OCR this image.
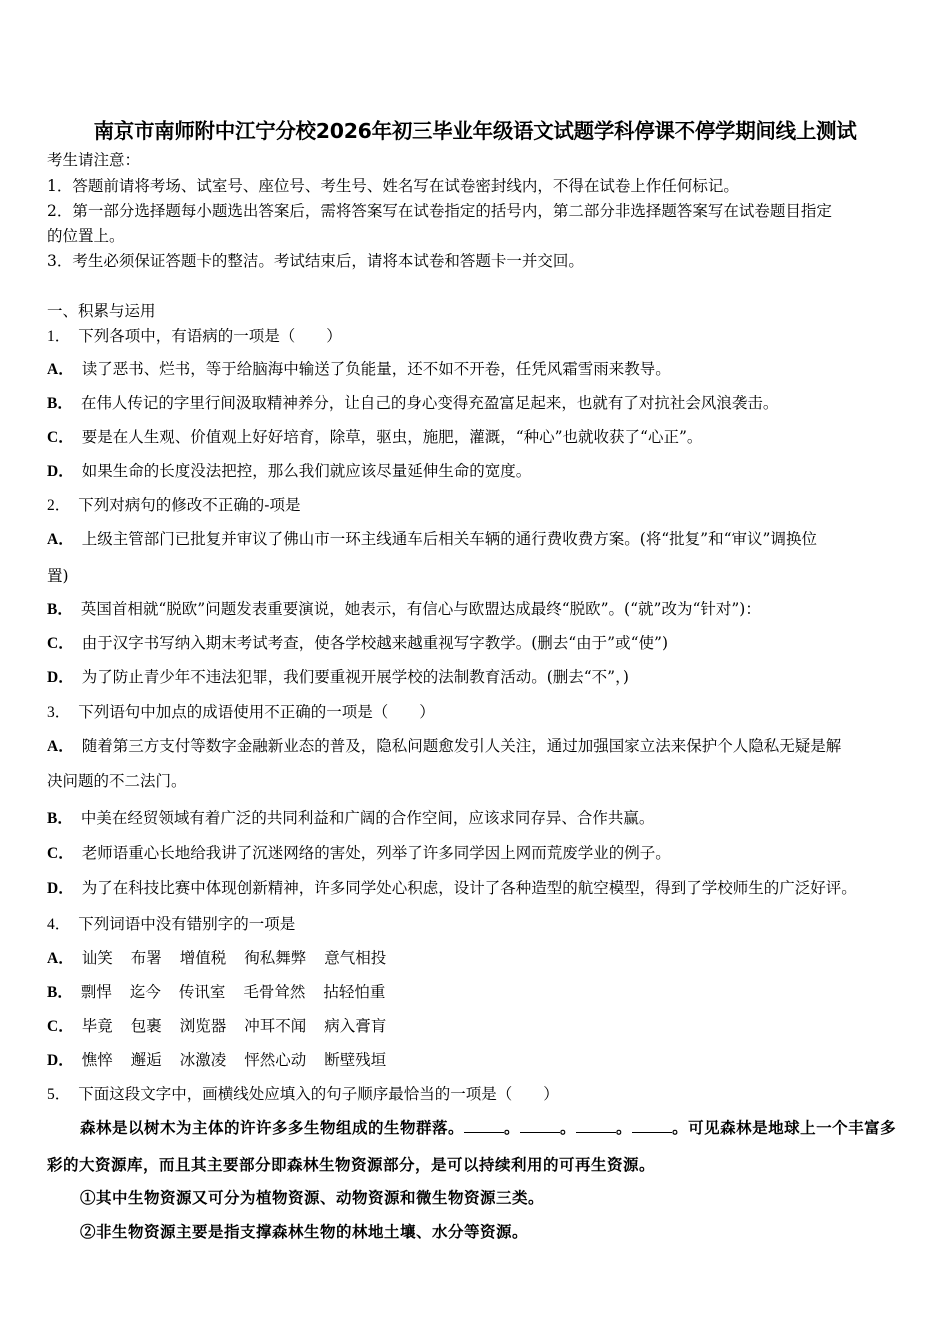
南京市南师附中江宁分校2026年初三毕业年级语文试题学科停课不停学期间线上测试
考生请注意：
1．答题前请将考场、试室号、座位号、考生号、姓名写在试卷密封线内，不得在试卷上作任何标记。
2．第一部分选择题每小题选出答案后，需将答案写在试卷指定的括号内，第二部分非选择题答案写在试卷题目指定
的位置上。
3．考生必须保证答题卡的整洁。考试结束后，请将本试卷和答题卡一并交回。
一、积累与运用
1． 下列各项中，有语病的一项是（　　）
A． 读了恶书、烂书，等于给脑海中输送了负能量，还不如不开卷，任凭风霜雪雨来教导。
B． 在伟人传记的字里行间汲取精神养分，让自己的身心变得充盈富足起来，也就有了对抗社会风浪袭击。
C． 要是在人生观、价值观上好好培育，除草，驱虫，施肥，灌溉，“种心”也就收获了“心正”。
D． 如果生命的长度没法把控，那么我们就应该尽量延伸生命的宽度。
2． 下列对病句的修改不正确的-项是
A． 上级主管部门已批复并审议了佛山市一环主线通车后相关车辆的通行费收费方案。(将“批复”和“审议”调换位
置)
B． 英国首相就“脱欧”问题发表重要演说，她表示，有信心与欧盟达成最终“脱欧”。(“就”改为“针对”)：
C． 由于汉字书写纳入期末考试考查，使各学校越来越重视写字教学。(删去“由于”或“使”)
D． 为了防止青少年不违法犯罪，我们要重视开展学校的法制教育活动。(删去“不”，)
3． 下列语句中加点的成语使用不正确的一项是（　　）
A． 随着第三方支付等数字金融新业态的普及，隐私问题愈发引人关注，通过加强国家立法来保护个人隐私无疑是解
决问题的不二法门。
B． 中美在经贸领域有着广泛的共同利益和广阔的合作空间，应该求同存异、合作共赢。
C． 老师语重心长地给我讲了沉迷网络的害处，列举了许多同学因上网而荒废学业的例子。
D． 为了在科技比赛中体现创新精神，许多同学处心积虑，设计了各种造型的航空模型，得到了学校师生的广泛好评。
4． 下列词语中没有错别字的一项是
A． 讪笑 布署 增值税 徇私舞弊 意气相投
B． 剽悍 迄今 传讯室 毛骨耸然 拈轻怕重
C． 毕竟 包裹 浏览器 冲耳不闻 病入膏肓
D． 憔悴 邂逅 冰激凌 怦然心动 断壁残垣
5． 下面这段文字中，画横线处应填入的句子顺序最恰当的一项是（　　）
森林是以树木为主体的许许多多生物组成的生物群落。	。	。	。	。可见森林是地球上一个丰富多
彩的大资源库，而且其主要部分即森林生物资源部分，是可以持续利用的可再生资源。
①其中生物资源又可分为植物资源、动物资源和微生物资源三类。
②非生物资源主要是指支撑森林生物的林地土壤、水分等资源。
